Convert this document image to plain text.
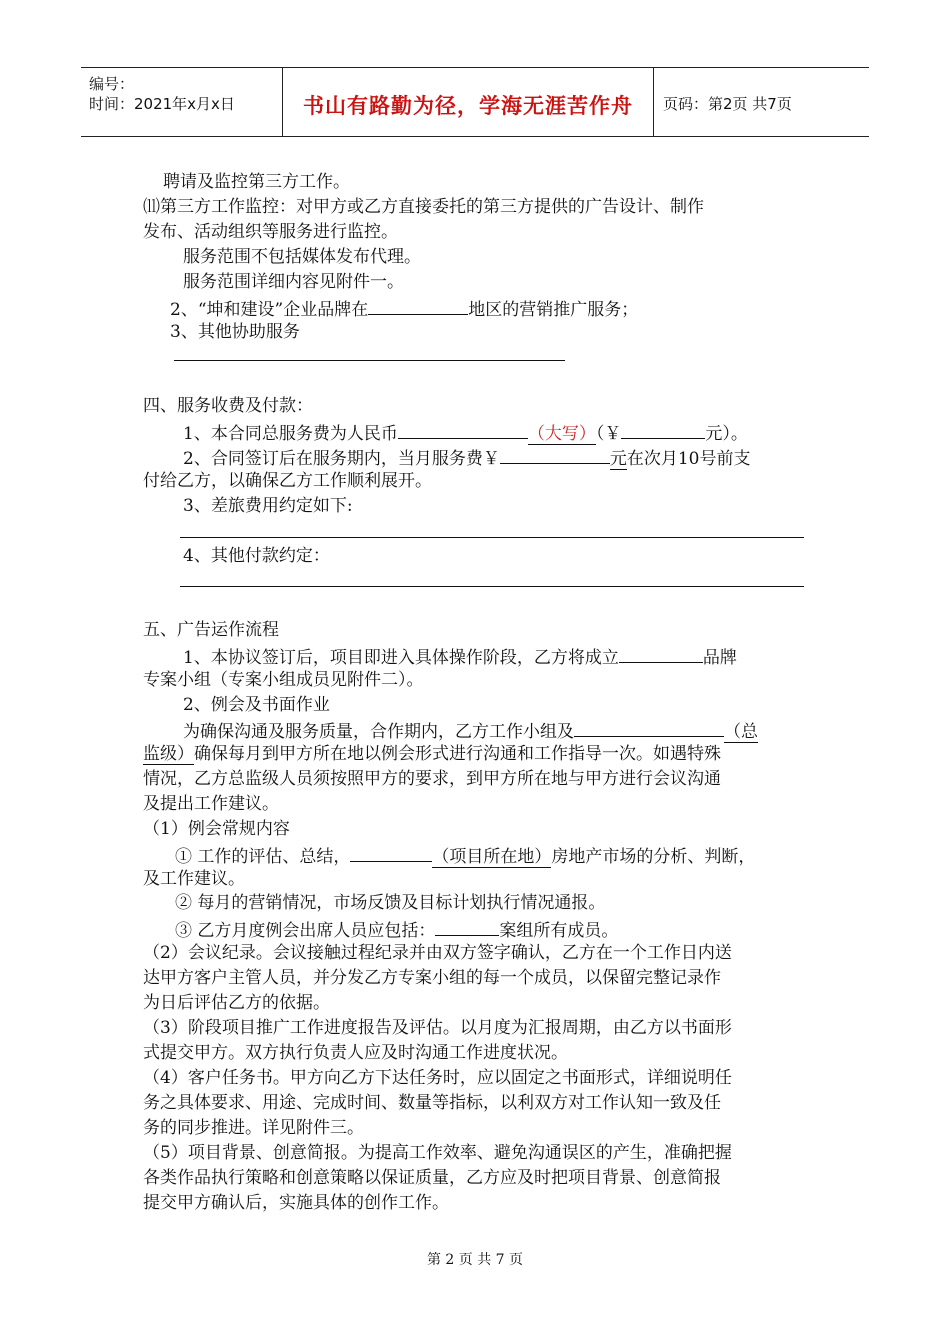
编号：
时间：2021年x月x日	书山有路勤为径，学海无涯苦作舟	页码：第2页 共7页
聘请及监控第三方工作。
⑾第三方工作监控：对甲方或乙方直接委托的第三方提供的广告设计、制作
发布、活动组织等服务进行监控。
服务范围不包括媒体发布代理。
服务范围详细内容见附件一。
2、“坤和建设”企业品牌在	地区的营销推广服务；
3、其他协助服务
四、服务收费及付款：
1、本合同总服务费为人民币	（大写）（￥	元）。
2、合同签订后在服务期内，当月服务费￥	元在次月10号前支
付给乙方，以确保乙方工作顺利展开。
3、差旅费用约定如下:
4、其他付款约定：
五、广告运作流程
1、本协议签订后，项目即进入具体操作阶段，乙方将成立	品牌
专案小组（专案小组成员见附件二）。
2、例会及书面作业
为确保沟通及服务质量，合作期内，乙方工作小组及	（总
监级）确保每月到甲方所在地以例会形式进行沟通和工作指导一次。如遇特殊
情况，乙方总监级人员须按照甲方的要求，到甲方所在地与甲方进行会议沟通
及提出工作建议。
（1）例会常规内容
① 工作的评估、总结，	（项目所在地）房地产市场的分析、判断，
及工作建议。
② 每月的营销情况，市场反馈及目标计划执行情况通报。
③ 乙方月度例会出席人员应包括：	案组所有成员。
（2）会议纪录。会议接触过程纪录并由双方签字确认，乙方在一个工作日内送
达甲方客户主管人员，并分发乙方专案小组的每一个成员，以保留完整记录作
为日后评估乙方的依据。
（3）阶段项目推广工作进度报告及评估。以月度为汇报周期，由乙方以书面形
式提交甲方。双方执行负责人应及时沟通工作进度状况。
（4）客户任务书。甲方向乙方下达任务时，应以固定之书面形式，详细说明任
务之具体要求、用途、完成时间、数量等指标，以利双方对工作认知一致及任
务的同步推进。详见附件三。
（5）项目背景、创意简报。为提高工作效率、避免沟通误区的产生，准确把握
各类作品执行策略和创意策略以保证质量，乙方应及时把项目背景、创意简报
提交甲方确认后，实施具体的创作工作。
第 2 页 共 7 页
